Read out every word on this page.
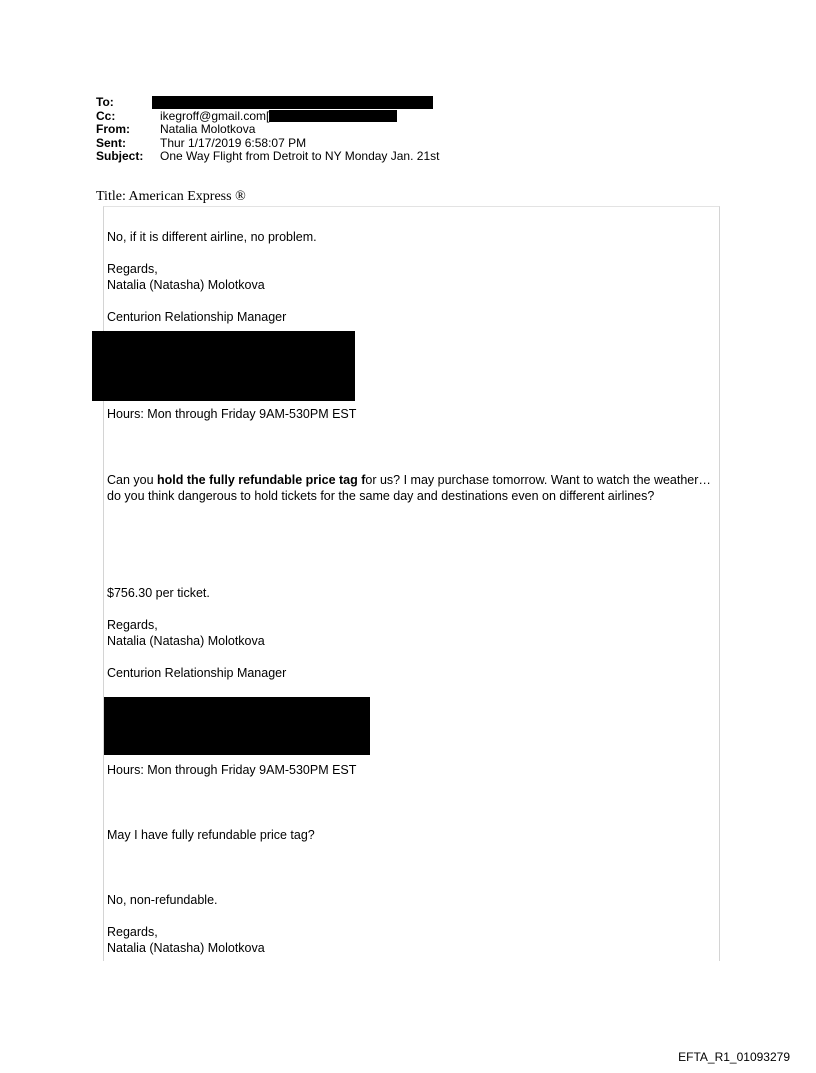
To:
Cc:	ikegroff@gmail.com[
From:	Natalia Molotkova
Sent:	Thur 1/17/2019 6:58:07 PM
Subject:	One Way Flight from Detroit to NY Monday Jan. 21st
Title: American Express ®
No, if it is different airline, no problem.
Regards,
Natalia (Natasha) Molotkova
Centurion Relationship Manager
Hours: Mon through Friday 9AM-530PM EST
Can you hold the fully refundable price tag for us? I may purchase tomorrow. Want to watch the weather…do you think dangerous to hold tickets for the same day and destinations even on different airlines?
$756.30 per ticket.
Regards,
Natalia (Natasha) Molotkova
Centurion Relationship Manager
Hours: Mon through Friday 9AM-530PM EST
May I have fully refundable price tag?
No, non-refundable.
Regards,
Natalia (Natasha) Molotkova
EFTA_R1_01093279
